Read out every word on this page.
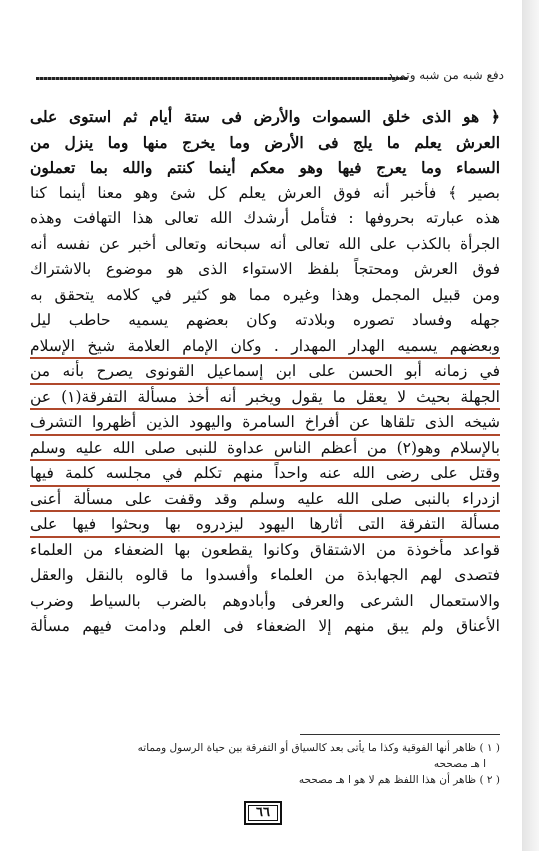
دفع شبه من شبه وتمرد
﴿ هو الذى خلق السموات والأرض فى ستة أيام ثم استوى على
العرش يعلم ما يلج فى الأرض وما يخرج منها وما ينزل من
السماء وما يعرج فيها وهو معكم أينما كنتم والله بما تعملون
بصير ﴾ فأخبر أنه فوق العرش يعلم كل شئ وهو معنا أينما كنا
هذه عبارته بحروفها : فتأمل أرشدك الله تعالى هذا التهافت وهذه
الجرأة بالكذب على الله تعالى أنه سبحانه وتعالى أخبر عن نفسه أنه
فوق العرش ومحتجاً بلفظ الاستواء الذى هو موضوع بالاشتراك
ومن قبيل المجمل وهذا وغيره مما هو كثير في كلامه يتحقق به
جهله وفساد تصوره وبلادته وكان بعضهم يسميه حاطب ليل
وبعضهم يسميه الهدار المهدار . وكان الإمام العلامة شيخ الإسلام
في زمانه أبو الحسن على ابن إسماعيل القونوى يصرح بأنه من
الجهلة بحيث لا يعقل ما يقول ويخبر أنه أخذ مسألة التفرقة(١) عن
شيخه الذى تلقاها عن أفراخ السامرة واليهود الذين أظهروا التشرف
بالإسلام وهو(٢) من أعظم الناس عداوة للنبى صلى الله عليه وسلم
وقتل على رضى الله عنه واحداً منهم تكلم في مجلسه كلمة فيها
ازدراء بالنبى صلى الله عليه وسلم وقد وقفت على مسألة أعنى
مسألة التفرقة التى أثارها اليهود ليزدروه بها وبحثوا فيها على
قواعد مأخوذة من الاشتقاق وكانوا يقطعون بها الضعفاء من العلماء
فتصدى لهم الجهابذة من العلماء وأفسدوا ما قالوه بالنقل والعقل
والاستعمال الشرعى والعرفى وأبادوهم بالضرب بالسياط وضرب
الأعناق ولم يبق منهم إلا الضعفاء فى العلم ودامت فيهم مسألة
( ١ ) ظاهر أنها الفوقية وكذا ما يأتى بعد كالسياق أو التفرقة بين حياة الرسول ومماته
ا هـ مصححه
( ٢ ) ظاهر أن هذا اللفظ هم لا هو ا هـ مصححه
٦٦
